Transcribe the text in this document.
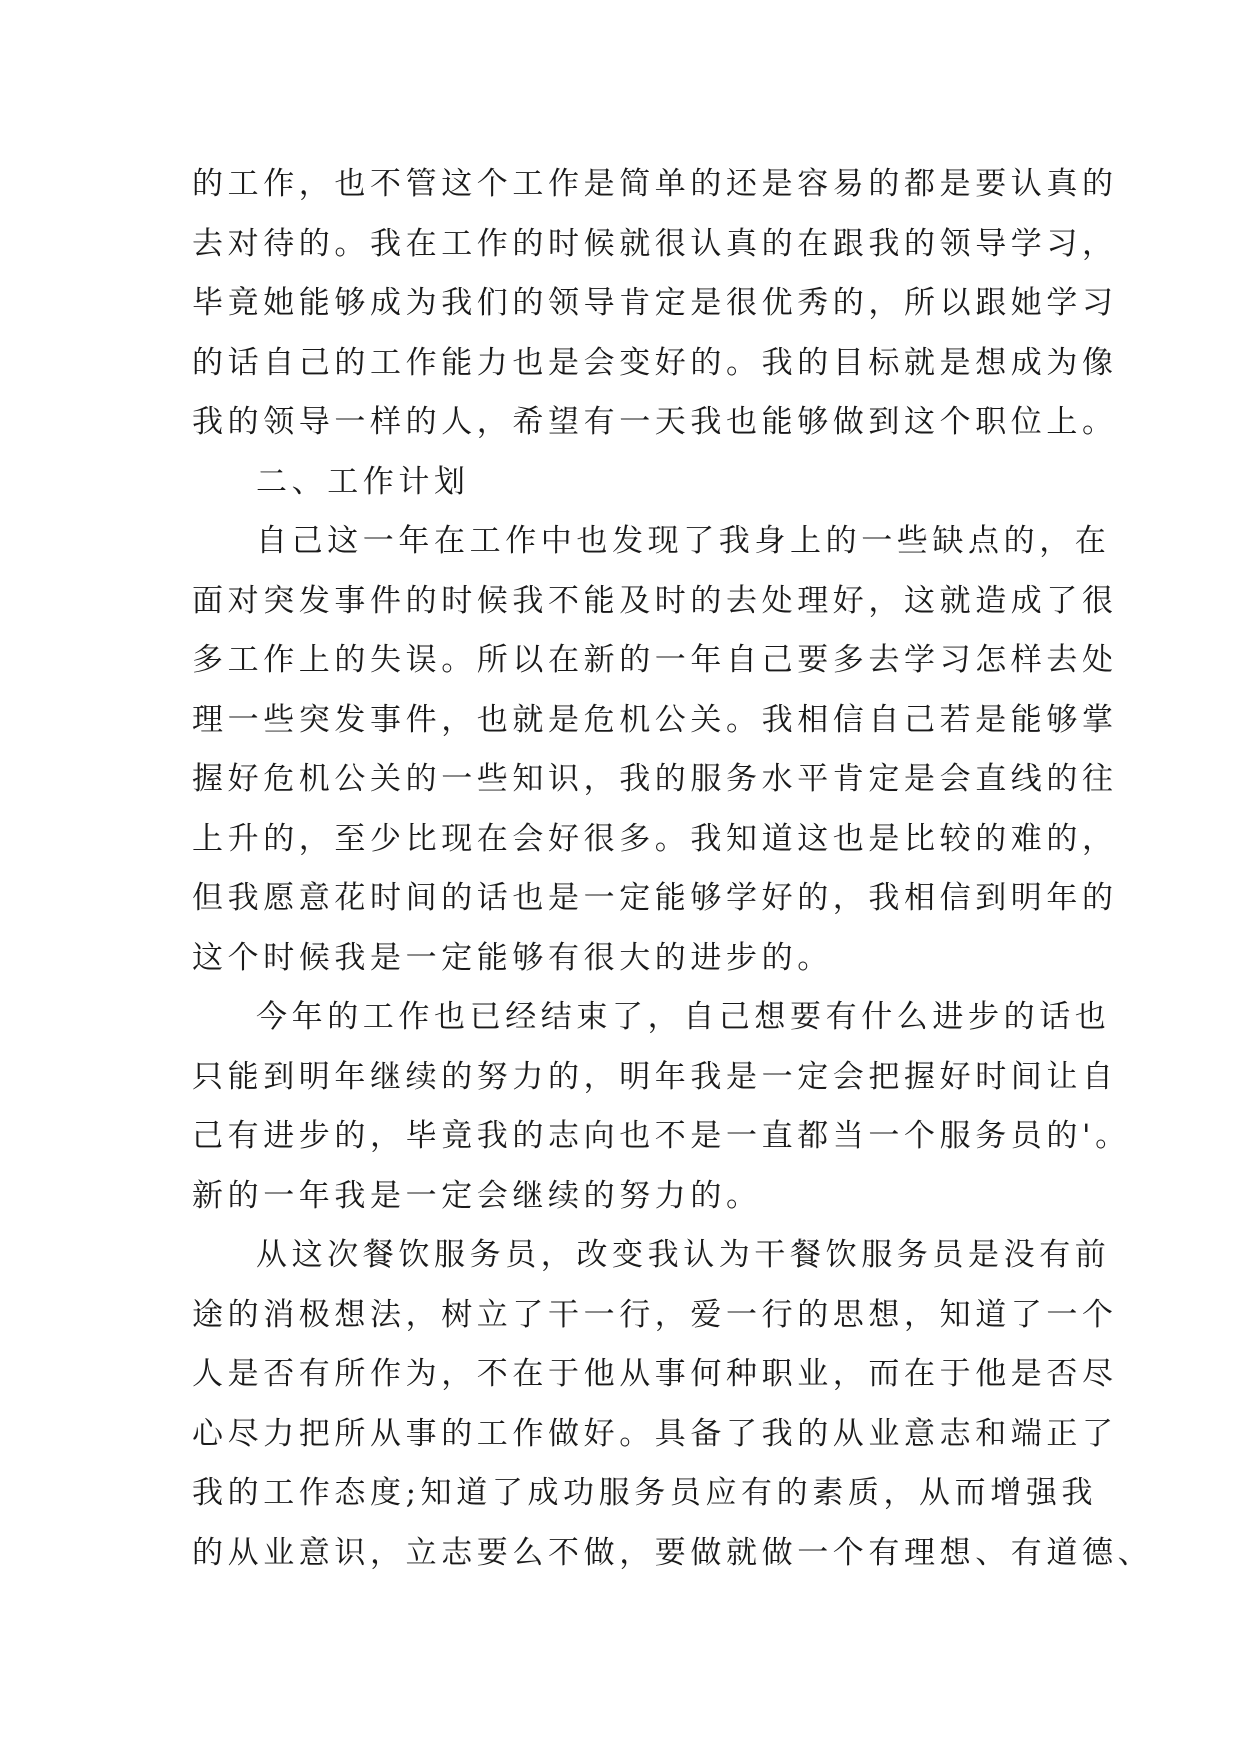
的工作，也不管这个工作是简单的还是容易的都是要认真的
去对待的。我在工作的时候就很认真的在跟我的领导学习，
毕竟她能够成为我们的领导肯定是很优秀的，所以跟她学习
的话自己的工作能力也是会变好的。我的目标就是想成为像
我的领导一样的人，希望有一天我也能够做到这个职位上。
二、工作计划
自己这一年在工作中也发现了我身上的一些缺点的，在
面对突发事件的时候我不能及时的去处理好，这就造成了很
多工作上的失误。所以在新的一年自己要多去学习怎样去处
理一些突发事件，也就是危机公关。我相信自己若是能够掌
握好危机公关的一些知识，我的服务水平肯定是会直线的往
上升的，至少比现在会好很多。我知道这也是比较的难的，
但我愿意花时间的话也是一定能够学好的，我相信到明年的
这个时候我是一定能够有很大的进步的。
今年的工作也已经结束了，自己想要有什么进步的话也
只能到明年继续的努力的，明年我是一定会把握好时间让自
己有进步的，毕竟我的志向也不是一直都当一个服务员的'。
新的一年我是一定会继续的努力的。
从这次餐饮服务员，改变我认为干餐饮服务员是没有前
途的消极想法，树立了干一行，爱一行的思想，知道了一个
人是否有所作为，不在于他从事何种职业，而在于他是否尽
心尽力把所从事的工作做好。具备了我的从业意志和端正了
我的工作态度;知道了成功服务员应有的素质，从而增强我
的从业意识，立志要么不做，要做就做一个有理想、有道德、
